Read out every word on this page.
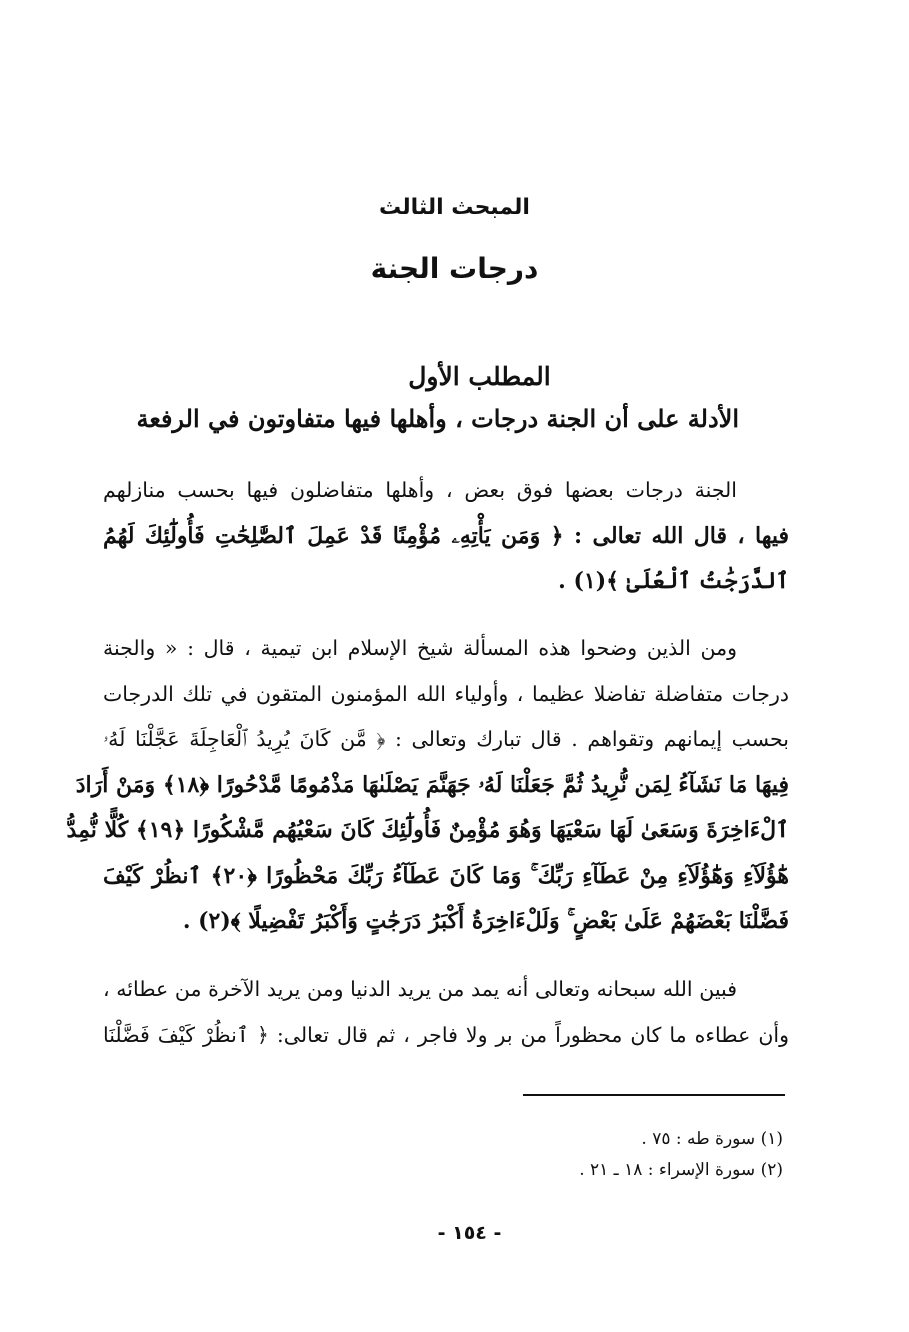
المبحث الثالث
درجات الجنة
المطلب الأول
الأدلة على أن الجنة درجات ، وأهلها فيها متفاوتون في الرفعة
الجنة درجات بعضها فوق بعض ، وأهلها متفاضلون فيها بحسب منازلهم
فيها ، قال الله تعالى : ﴿ وَمَن يَأْتِهِۦ مُؤْمِنًا قَدْ عَمِلَ ٱلصَّٰلِحَٰتِ فَأُولَٰٓئِكَ لَهُمُ
ٱلدَّرَجَٰتُ ٱلْعُلَىٰ ﴾(١) .
ومن الذين وضحوا هذه المسألة شيخ الإسلام ابن تيمية ، قال : « والجنة
درجات متفاضلة تفاضلا عظيما ، وأولياء الله المؤمنون المتقون في تلك الدرجات
بحسب إيمانهم وتقواهم . قال تبارك وتعالى : ﴿ مَّن كَانَ يُرِيدُ ٱلْعَاجِلَةَ عَجَّلْنَا لَهُۥ
فِيهَا مَا نَشَآءُ لِمَن نُّرِيدُ ثُمَّ جَعَلْنَا لَهُۥ جَهَنَّمَ يَصْلَىٰهَا مَذْمُومًا مَّدْحُورًا ﴿١٨﴾ وَمَنْ أَرَادَ
ٱلْءَاخِرَةَ وَسَعَىٰ لَهَا سَعْيَهَا وَهُوَ مُؤْمِنٌ فَأُولَٰٓئِكَ كَانَ سَعْيُهُم مَّشْكُورًا ﴿١٩﴾ كُلًّا نُّمِدُّ
هَٰٓؤُلَآءِ وَهَٰٓؤُلَآءِ مِنْ عَطَآءِ رَبِّكَ ۚ وَمَا كَانَ عَطَآءُ رَبِّكَ مَحْظُورًا ﴿٢٠﴾ ٱنظُرْ كَيْفَ
فَضَّلْنَا بَعْضَهُمْ عَلَىٰ بَعْضٍ ۚ وَلَلْءَاخِرَةُ أَكْبَرُ دَرَجَٰتٍ وَأَكْبَرُ تَفْضِيلًا ﴾(٢) .
فبين الله سبحانه وتعالى أنه يمد من يريد الدنيا ومن يريد الآخرة من عطائه ،
وأن عطاءه ما كان محظوراً من بر ولا فاجر ، ثم قال تعالى: ﴿ ٱنظُرْ كَيْفَ فَضَّلْنَا
(١) سورة طه : ٧٥ .
(٢) سورة الإسراء : ١٨ ـ ٢١ .
- ١٥٤ -
